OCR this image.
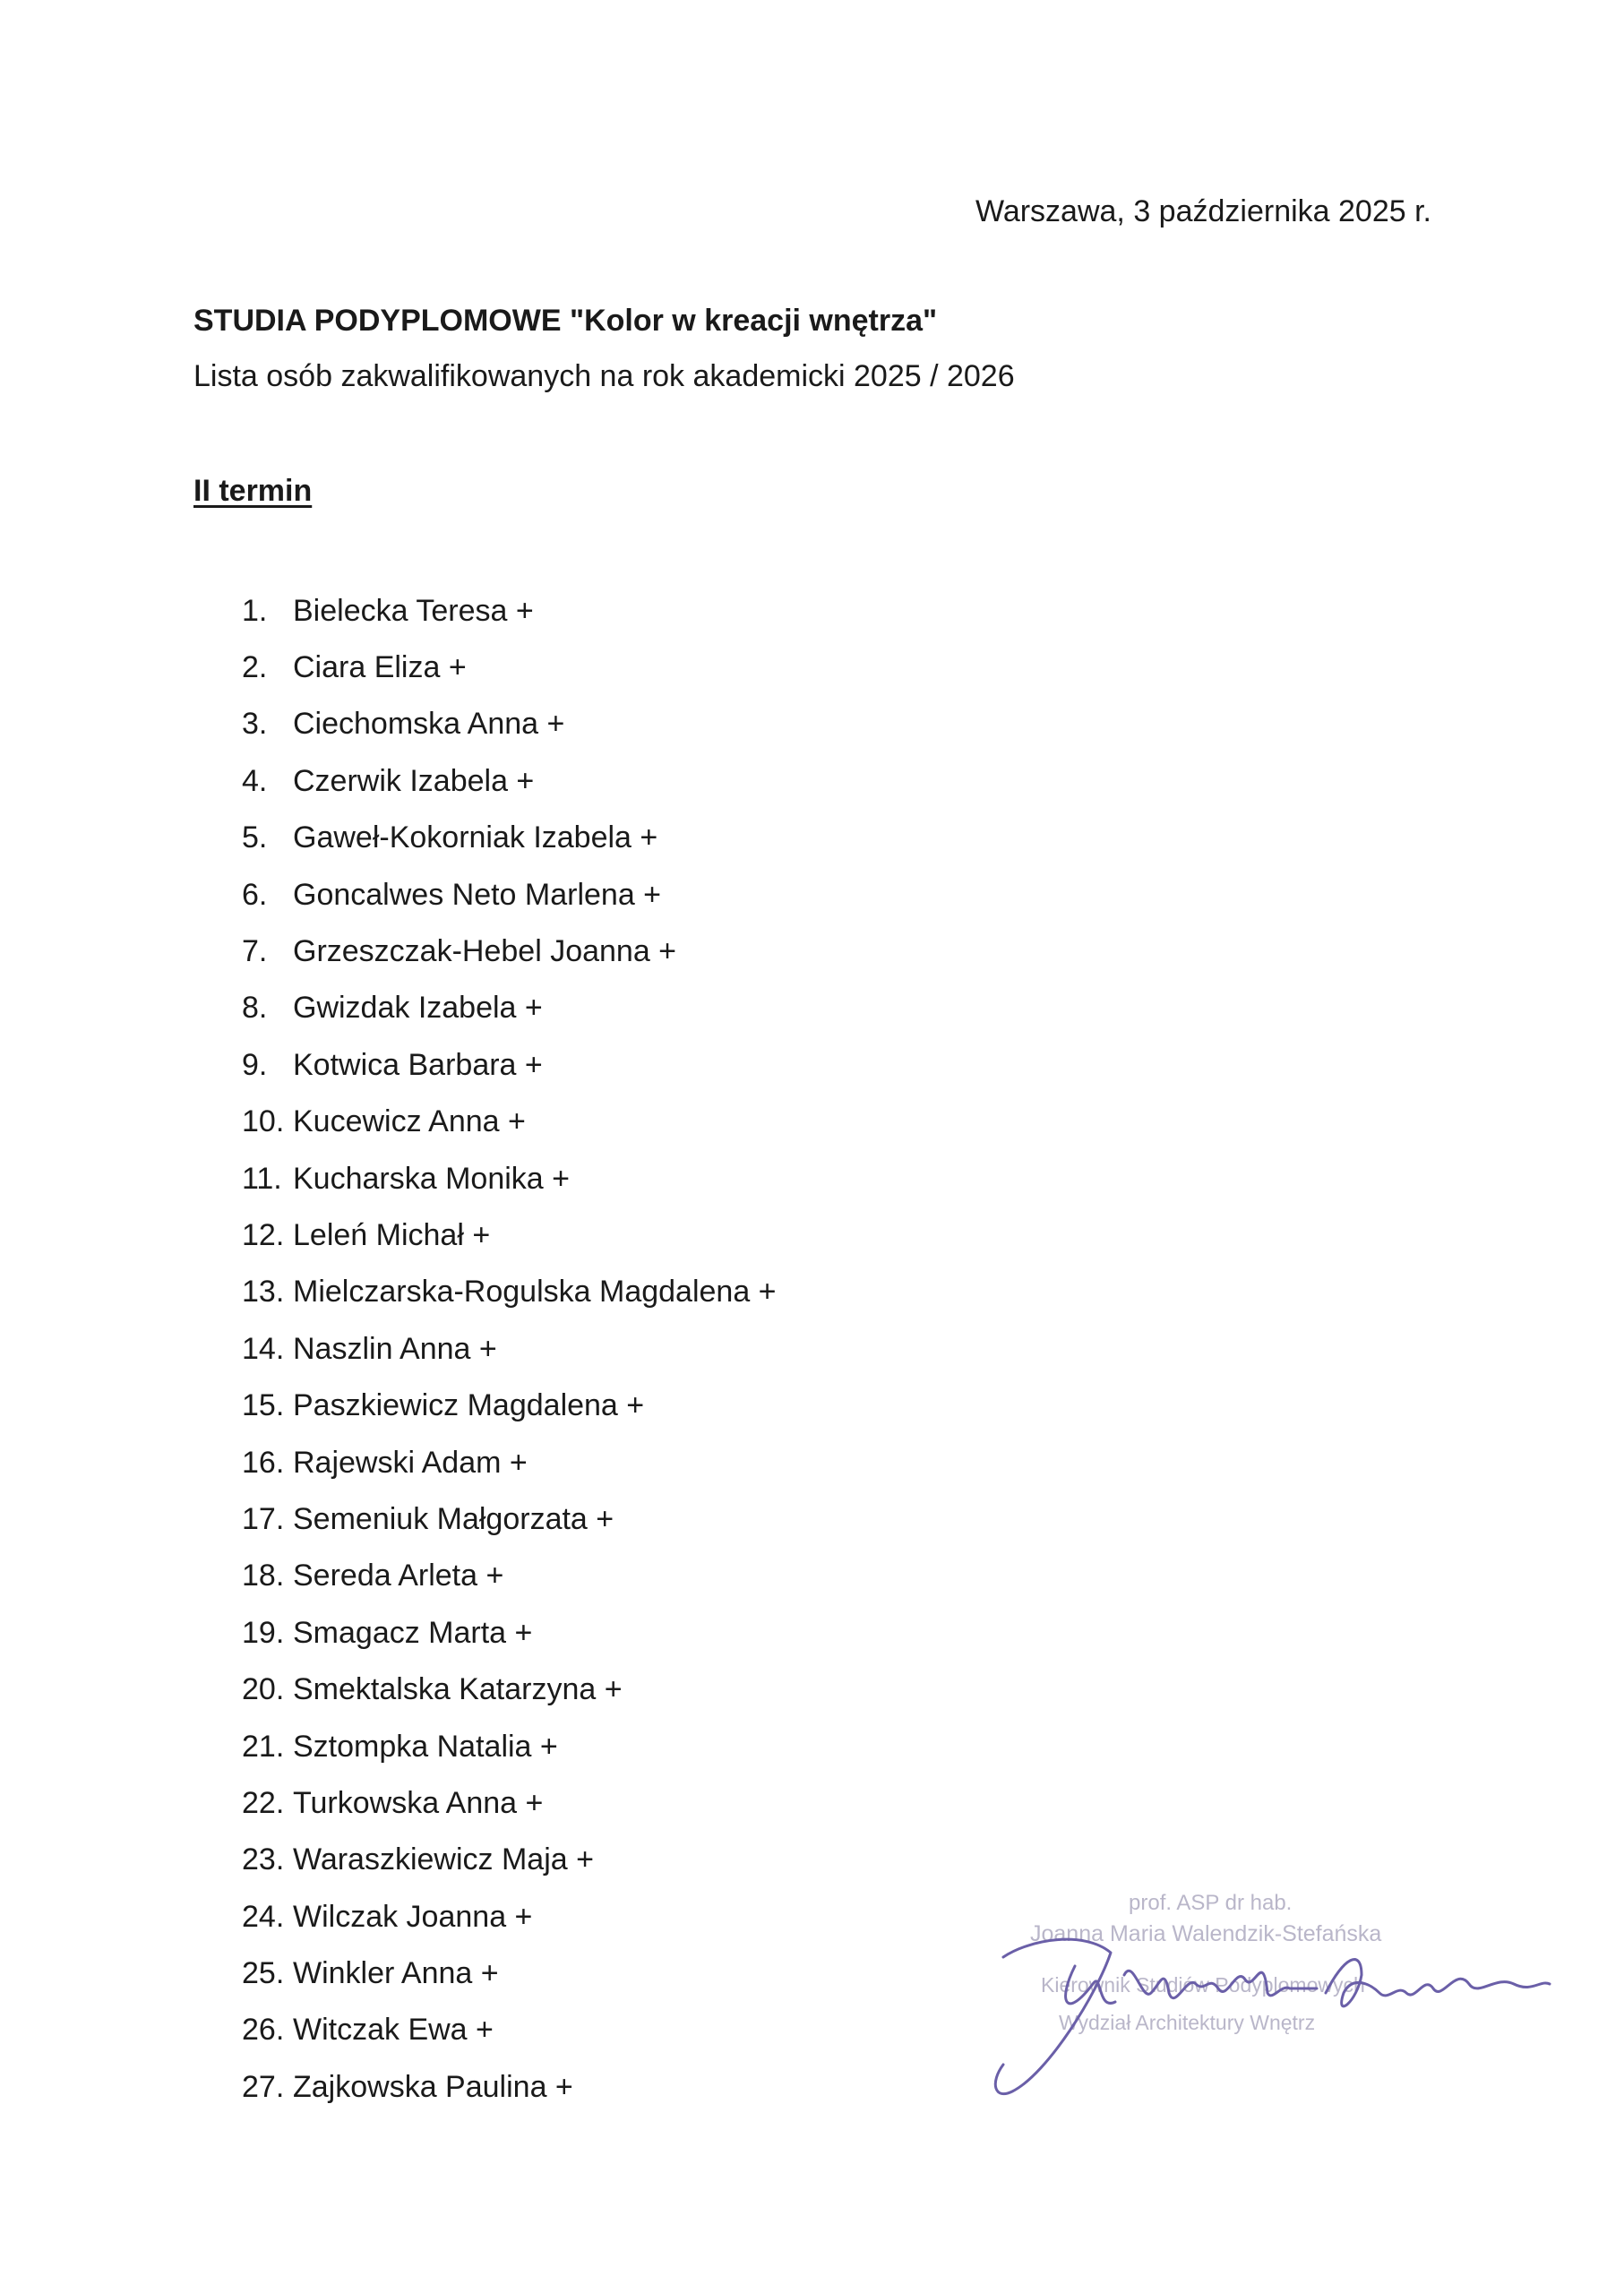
Warszawa, 3 października 2025 r.
STUDIA PODYPLOMOWE "Kolor w kreacji wnętrza"
Lista osób zakwalifikowanych na rok akademicki 2025 / 2026
II termin
1. Bielecka Teresa +
2. Ciara Eliza +
3. Ciechomska Anna +
4. Czerwik Izabela +
5. Gaweł-Kokorniak Izabela +
6. Goncalwes Neto Marlena +
7. Grzeszczak-Hebel Joanna +
8. Gwizdak Izabela +
9. Kotwica Barbara +
10. Kucewicz Anna +
11. Kucharska Monika +
12. Leleń Michał +
13. Mielczarska-Rogulska Magdalena +
14. Naszlin Anna +
15. Paszkiewicz Magdalena +
16. Rajewski Adam +
17. Semeniuk Małgorzata +
18. Sereda Arleta +
19. Smagacz Marta +
20. Smektalska Katarzyna +
21. Sztompka Natalia +
22. Turkowska Anna +
23. Waraszkiewicz Maja +
24. Wilczak Joanna +
25. Winkler Anna +
26. Witczak Ewa +
27. Zajkowska Paulina +
prof. ASP dr hab.
Joanna Maria Walendzik-Stefańska
Kierownik Studiów Podyplomowych
Wydział Architektury Wnętrz
